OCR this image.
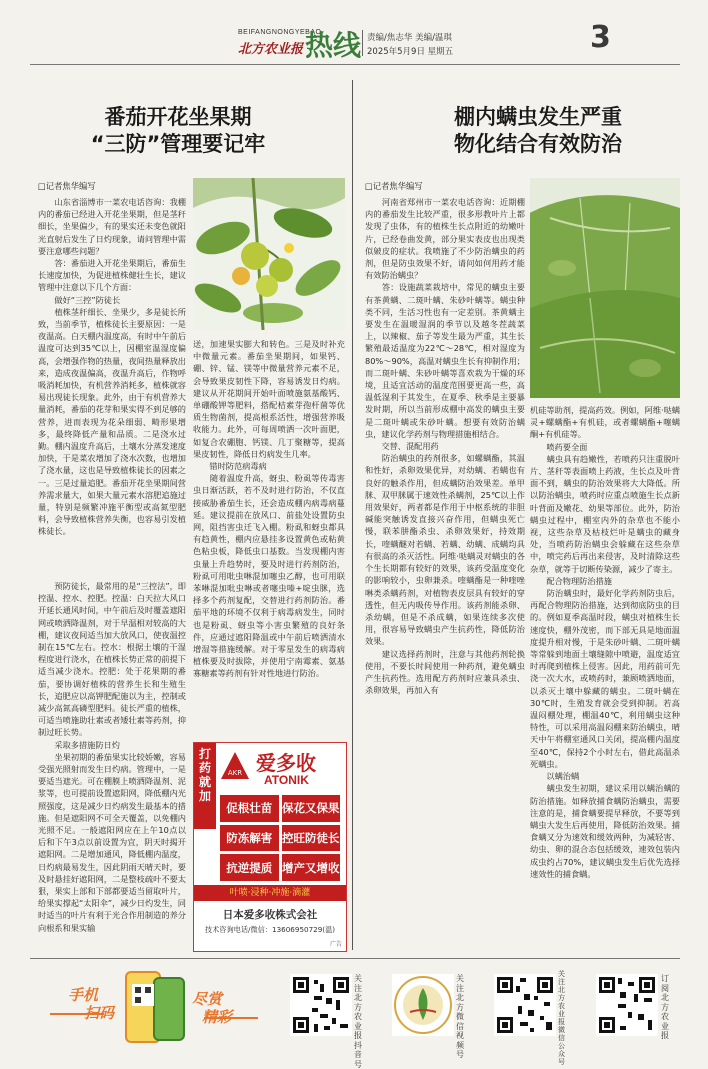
BEIFANGNONGYEBAO
北方农业报 热线 责编/焦志华 美编/温琪
2025年5月9日 星期五	3
番茄开花坐果期
“三防”管理要记牢
□记者焦华编写
　　山东省淄博市一菜农电话咨询：我棚内的番茄已经进入开花坐果期，但是茎秆细长，坐果偏少，有的果实还未变色就阳光直射后发生了日灼现象，请问管理中需要注意哪些问题？
　　答：番茄进入开花坐果期后，番茄生长速度加快，为促进植株健壮生长，建议管理中注意以下几个方面：
　　做好“三控”防徒长
　　植株茎秆细长、坐果少，多是徒长所致，当前季节，植株徒长主要原因：一是夜温高。白天棚内温度高，有时中午前后温度可达到35℃以上，因棚室温湿度偏高，会增强作物的热量，夜间热量释放出来，造成夜温偏高，夜温升高后，作物呼吸消耗加快，有机营养消耗多，植株就容易出现徒长现象。此外，由于有机营养大量消耗，番茄的花芽和果实得不到足够的营养，进而表现为花朵细弱、畸形果增多，最终降低产量和品质。二是浇水过勤。棚内温度升高后，土壤水分蒸发速度加快，于是菜农增加了浇水次数，也增加了浇水量，这也是导致植株徒长的因素之一。三是过量追肥。番茄开花坐果期间营养需求量大，如果大量元素水溶肥追施过量，特别是频繁冲施平衡型或高氮型肥料，会导致植株营养失衡，也容易引发植株徒长。
　　预防徒长，最常用的是“三控法”，即控温、控水、控肥。控温：白天拉大风口开延长通风时间，中午前后及时覆盖遮阳网或喷洒降温剂，对于早温相对较高的大棚，建议夜间适当加大放风口，使夜温控制在15℃左右。控水：根据土壤的干湿程度进行浇水，在植株长势正常的前提下适当减少浇水。控肥：处于花果期的番茄，要协调好植株的营养生长和生殖生长，追肥应以高钾肥配施以为主，控制或减少高氮高磷型肥料。徒长严重的植株，可适当喷施助壮素或者矮壮素等药剂，抑制过旺长势。
　　采取多措施防日灼
　　坐果初期的番茄果实比较娇嫩，容易受强光照射而发生日灼病。管理中，一是要适当遮光。可在棚膜上喷洒降温剂、泥浆等，也可提前设置遮阳网，降低棚内光照强度，这是减少日灼病发生最基本的措施。但是遮阳网不可全天覆盖，以免棚内光照不足。一般遮阳网应在上午10点以后和下午3点以前设置为宜，阴天时揭开遮阳网。二是增加通风，降低棚内温度，日灼病最易发生，因此阴雨天晴天时，要及时悬挂好遮阳网，二是整枝疏叶不要太狠，果实上部和下部都要适当留取叶片，给果实撑起“太阳伞”，减少日灼发生，同时适当的叶片有利于光合作用制造的养分向根系和果实输
送，加速果实膨大和转色。三是及时补充中微量元素。番茄坐果期间，如果钙、硼、锌、锰、镁等中微量营养元素不足，会导致果皮韧性下降，容易诱发日灼病。建议从开花期间开始叶面喷施氨基酸钙、单硼酸钾等肥料，搭配桔素芽孢杆菌等优质生物菌剂，提高根系活性，增强营养吸收能力。此外，可每周喷洒一次叶面肥，如复合农硼胞、钙镁、几丁聚糖等，提高果皮韧性，降低日灼病发生几率。
　　错时防范病毒病
　　随着温度升高，蚜虫、粉虱等传毒害虫日渐活跃，若不及时进行防治，不仅直接威胁番茄生长，还会造成棚内病毒病蔓延。建议提前在放风口、前盐处设置防虫网，阻挡害虫迁飞入棚。粉虱和蚜虫都具有趋黄性，棚内应悬挂多设置黄色或粘黄色粘虫板，降低虫口基数。当发现棚内害虫量上升趋势时，要及时进行药剂防治，粉虱可用吡虫啉混加噻虫乙醇，也可用联苯啉混加吡虫啉或者噻虫嗪+啶虫脒，选择多个药剂复配，交替进行药剂防治。番茄平地的环境不仅利于病毒病发生，同时也是粉虱、蚜虫等小害虫繁殖的良好条件，应通过遮阳降温或中午前后喷洒清水增湿等措施缓解。对于零星发生的病毒病植株要及时拔除，并使用宁南霉素、氨基寡糖素等药剂有针对性地进行防治。
打药就加
AKR 爱多收
ATONIK
促根壮苗 保花又保果
防冻解害 控旺防徒长
抗逆提质 增产又增收
叶喷·浸种·冲施·滴灌
日本爱多收株式会社
技术咨询电话/微信：13606950729(温)
广告
棚内螨虫发生严重
物化结合有效防治
□记者焦华编写
　　河南省郑州市一菜农电话咨询：近期棚内的番茄发生比较严重，很多形教叶片上都发现了虫体，有的植株生长点附近的幼嫩叶片，已经卷曲发黄，部分果实表皮也出现类似皴皮的症状。我喷施了不少防治螨虫的药剂，但是防虫效果不好，请问如何用药才能有效防治螨虫？
　　答：设施蔬菜栽培中，常见的螨虫主要有茶黄螨、二斑叶螨、朱砂叶螨等。螨虫种类不同，生活习性也有一定差别。茶黄螨主要发生在温暖湿润的季节以及越冬茬蔬菜上，以辣椒、茄子等发生最为严重，其生长繁殖最适温度为22℃～28℃，相对湿度为80%～90%，高温对螨虫生长有抑制作用；而二斑叶螨、朱砂叶螨等喜欢栽为干燥的环境，且适宜活动的温度范围要更高一些，高温低湿利于其发生，在夏季、秋季是主要暴发时期，所以当前形成棚中高发的螨虫主要是二斑叶螨或朱砂叶螨。想要有效防治螨虫，建议化学药剂与物理措施相结合。
　　交替、混配用药
　　防治螨虫的药剂很多，如螺螨酯，其温和性好，杀卵效果优异，对幼螨、若螨也有良好的触杀作用，但成螨防治效果差。单甲脒、双甲脒属于速效性杀螨剂，25℃以上作用效果好，两者都是作用于中枢系统的非胆碱能突触诱发直接兴奋作用，但螨虫死亡慢，联苯肼酯杀虫、杀卵效果好，持效期长，喹螨醚对若螨、若螨、幼螨、成螨均具有很高的杀灭活性。阿维·哒螨灵对螨虫的各个生长期都有较好的效果，该药受温度变化的影响较小，虫卵兼杀。喹螨酯是一种喹唑啉类杀螨药剂，对植物表皮层具有较好的穿透性，但无内吸传导作用。该药剂能杀卵、杀幼螨，但是不杀成螨，如果连续多次使用，很容易导致螨虫产生抗药性，降低防治效果。
　　建议选择药剂时，注意与其他药剂轮换使用，不要长时间使用一种药剂，避免螨虫产生抗药性。选用配方药剂时应兼具杀虫、杀卵效果，再加入有
机硅等助剂，提高药效。例如，阿维·哒螨灵+螺螨酯+有机硅，或者螺螨酯+噻螨酮+有机硅等。
　　喷药要全面
　　螨虫具有趋嫩性，若喷药只注重脱叶片、茎秆等表面喷上药液，生长点及叶背面不到，螨虫的防治效果将大大降低。所以防治螨虫，喷药时应重点喷施生长点新叶背面及嫩花、幼果等部位。此外，防治螨虫过程中，棚室内外的杂草也不能小视，这些杂草及枯枝烂叶是螨虫的藏身处，当喷药防治螨虫会躲藏在这些杂草中，喷完药后再出来侵害，及时清除这些杂草，就等于切断传染源，减少了寄主。
　　配合物理防治措施
　　防治螨虫时，最好化学药剂防虫后，再配合物理防治措施，达到彻底防虫的目的。例如夏季高温时段，螨虫对植株生长速度快，棚外茂密，而下部无具是地面温度提升相对慢，于是朱砂叶螨、二斑叶螨等常躲到地面土壤缝隙中喷避，温度适宜时再爬到植株上侵害。因此，用药前可先浇一次大水，或喷药时，兼顾喷洒地面，以杀灭土壤中躲藏的螨虫。二斑叶螨在30℃时，生殖发育就会受到抑制。若高温闷棚处理，棚温40℃，利用螨虫这种特性，可以采用高温闷棚来防治螨虫，晴天中午将棚室通风口关闭，提高棚内温度至40℃，保持2个小时左右，借此高温杀死螨虫。
　　以螨治螨
　　螨虫发生初期，建议采用以螨治螨的防治措施。如释放捕食螨防治螨虫，需要注意的是，捕食螨要提早释放，不要等到螨虫大发生后再使用，降低防治效果。捕食螨又分为速效和缓效两种，为减轻害、幼虫、卵的混合态包括缓效，速效包装内成虫约占70%，建议螨虫发生后优先选择速效性的捕食螨。
手机
扫码
尽赏
精彩
关注北方农业报抖音号
关注北方微信视频号
关注北方农业报微信公众号
订阅北方农业报
